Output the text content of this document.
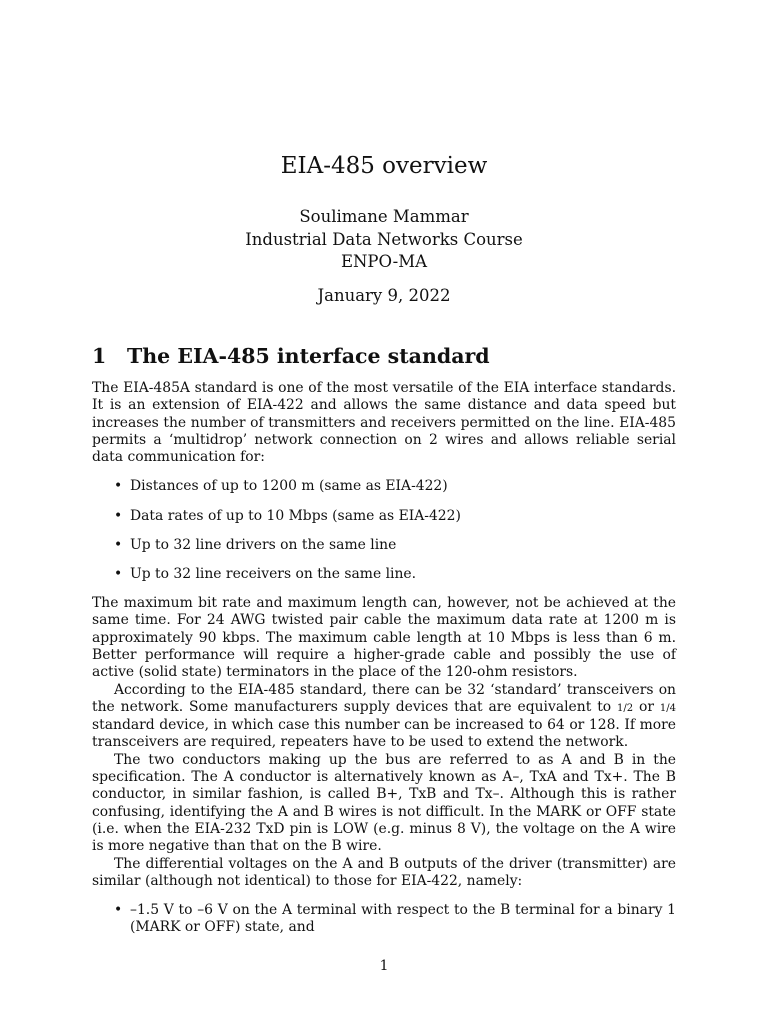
EIA-485 overview
Soulimane Mammar
Industrial Data Networks Course
ENPO-MA
January 9, 2022
1 The EIA-485 interface standard

The EIA-485A standard is one of the most versatile of the EIA interface standards. It is an extension of EIA-422 and allows the same distance and data speed but increases the number of transmitters and receivers permitted on the line. EIA-485 permits a ‘multidrop’ network connection on 2 wires and allows reliable serial data communication for:

• Distances of up to 1200 m (same as EIA-422)
• Data rates of up to 10 Mbps (same as EIA-422)
• Up to 32 line drivers on the same line
• Up to 32 line receivers on the same line.

The maximum bit rate and maximum length can, however, not be achieved at the same time. For 24 AWG twisted pair cable the maximum data rate at 1200 m is approximately 90 kbps. The maximum cable length at 10 Mbps is less than 6 m. Better performance will require a higher-grade cable and possibly the use of active (solid state) terminators in the place of the 120-ohm resistors.

According to the EIA-485 standard, there can be 32 ‘standard’ transceivers on the network. Some manufacturers supply devices that are equivalent to 1/2 or 1/4 standard device, in which case this number can be increased to 64 or 128. If more transceivers are required, repeaters have to be used to extend the network.

The two conductors making up the bus are referred to as A and B in the specification. The A conductor is alternatively known as A–, TxA and Tx+. The B conductor, in similar fashion, is called B+, TxB and Tx–. Although this is rather confusing, identifying the A and B wires is not difficult. In the MARK or OFF state (i.e. when the EIA-232 TxD pin is LOW (e.g. minus 8 V), the voltage on the A wire is more negative than that on the B wire.

The differential voltages on the A and B outputs of the driver (transmitter) are similar (although not identical) to those for EIA-422, namely:

• –1.5 V to –6 V on the A terminal with respect to the B terminal for a binary 1 (MARK or OFF) state, and
1
